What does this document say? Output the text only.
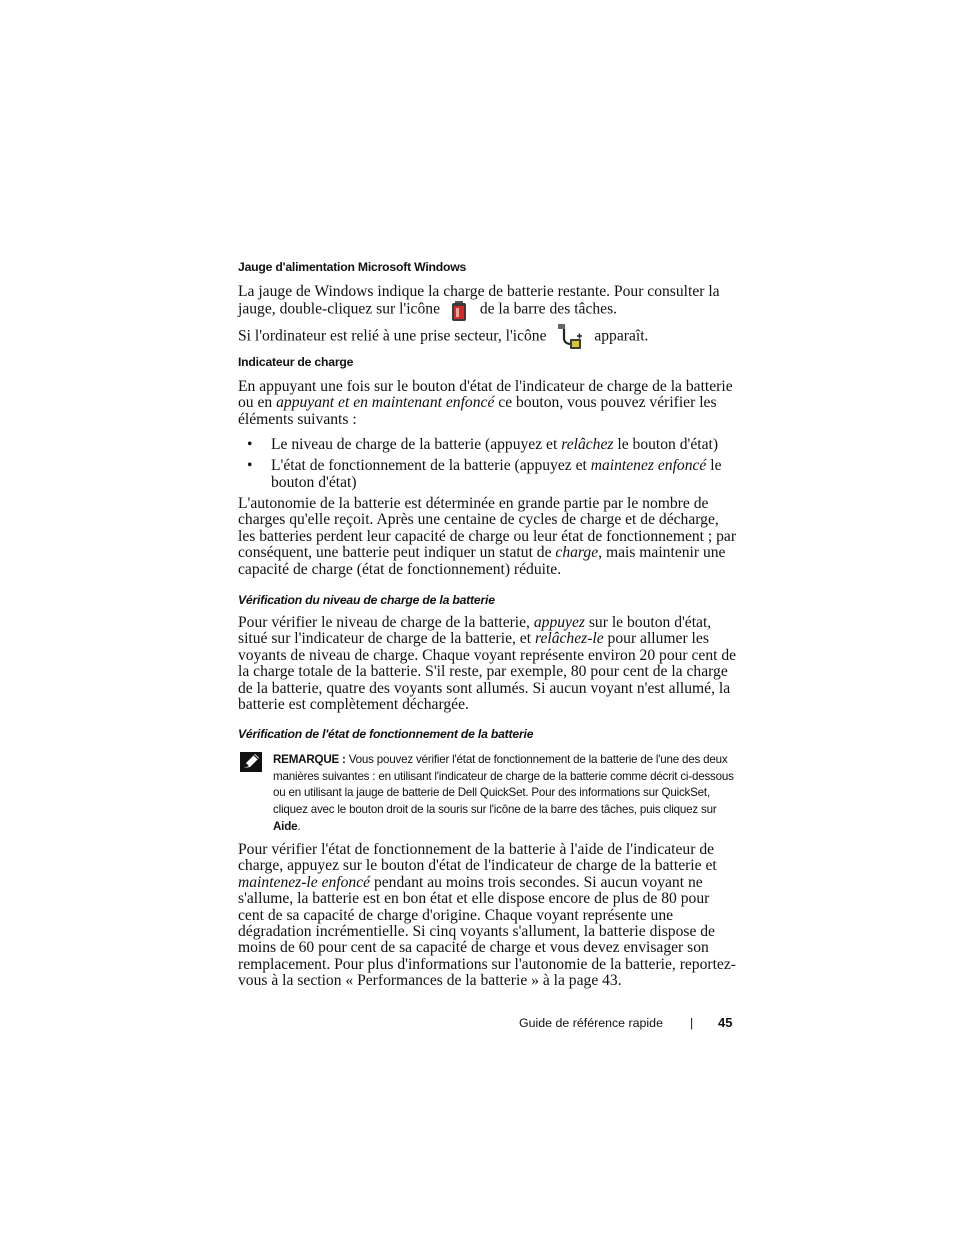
Jauge d'alimentation Microsoft Windows

La jauge de Windows indique la charge de batterie restante. Pour consulter la jauge, double-cliquez sur l'icône	de la barre des tâches.

Si l'ordinateur est relié à une prise secteur, l'icône	apparaît.

Indicateur de charge

En appuyant une fois sur le bouton d'état de l'indicateur de charge de la batterie ou en appuyant et en maintenant enfoncé ce bouton, vous pouvez vérifier les éléments suivants :

• Le niveau de charge de la batterie (appuyez et relâchez le bouton d'état)
• L'état de fonctionnement de la batterie (appuyez et maintenez enfoncé le bouton d'état)

L'autonomie de la batterie est déterminée en grande partie par le nombre de charges qu'elle reçoit. Après une centaine de cycles de charge et de décharge, les batteries perdent leur capacité de charge ou leur état de fonctionnement ; par conséquent, une batterie peut indiquer un statut de charge, mais maintenir une capacité de charge (état de fonctionnement) réduite.

Vérification du niveau de charge de la batterie

Pour vérifier le niveau de charge de la batterie, appuyez sur le bouton d'état, situé sur l'indicateur de charge de la batterie, et relâchez-le pour allumer les voyants de niveau de charge. Chaque voyant représente environ 20 pour cent de la charge totale de la batterie. S'il reste, par exemple, 80 pour cent de la charge de la batterie, quatre des voyants sont allumés. Si aucun voyant n'est allumé, la batterie est complètement déchargée.

Vérification de l'état de fonctionnement de la batterie
REMARQUE : Vous pouvez vérifier l'état de fonctionnement de la batterie de l'une des deux manières suivantes : en utilisant l'indicateur de charge de la batterie comme décrit ci-dessous ou en utilisant la jauge de batterie de Dell QuickSet. Pour des informations sur QuickSet, cliquez avec le bouton droit de la souris sur l'icône de la barre des tâches, puis cliquez sur Aide.

Pour vérifier l'état de fonctionnement de la batterie à l'aide de l'indicateur de charge, appuyez sur le bouton d'état de l'indicateur de charge de la batterie et maintenez-le enfoncé pendant au moins trois secondes. Si aucun voyant ne s'allume, la batterie est en bon état et elle dispose encore de plus de 80 pour cent de sa capacité de charge d'origine. Chaque voyant représente une dégradation incrémentielle. Si cinq voyants s'allument, la batterie dispose de moins de 60 pour cent de sa capacité de charge et vous devez envisager son remplacement. Pour plus d'informations sur l'autonomie de la batterie, reportez-vous à la section « Performances de la batterie » à la page 43.

Guide de référence rapide | 45
